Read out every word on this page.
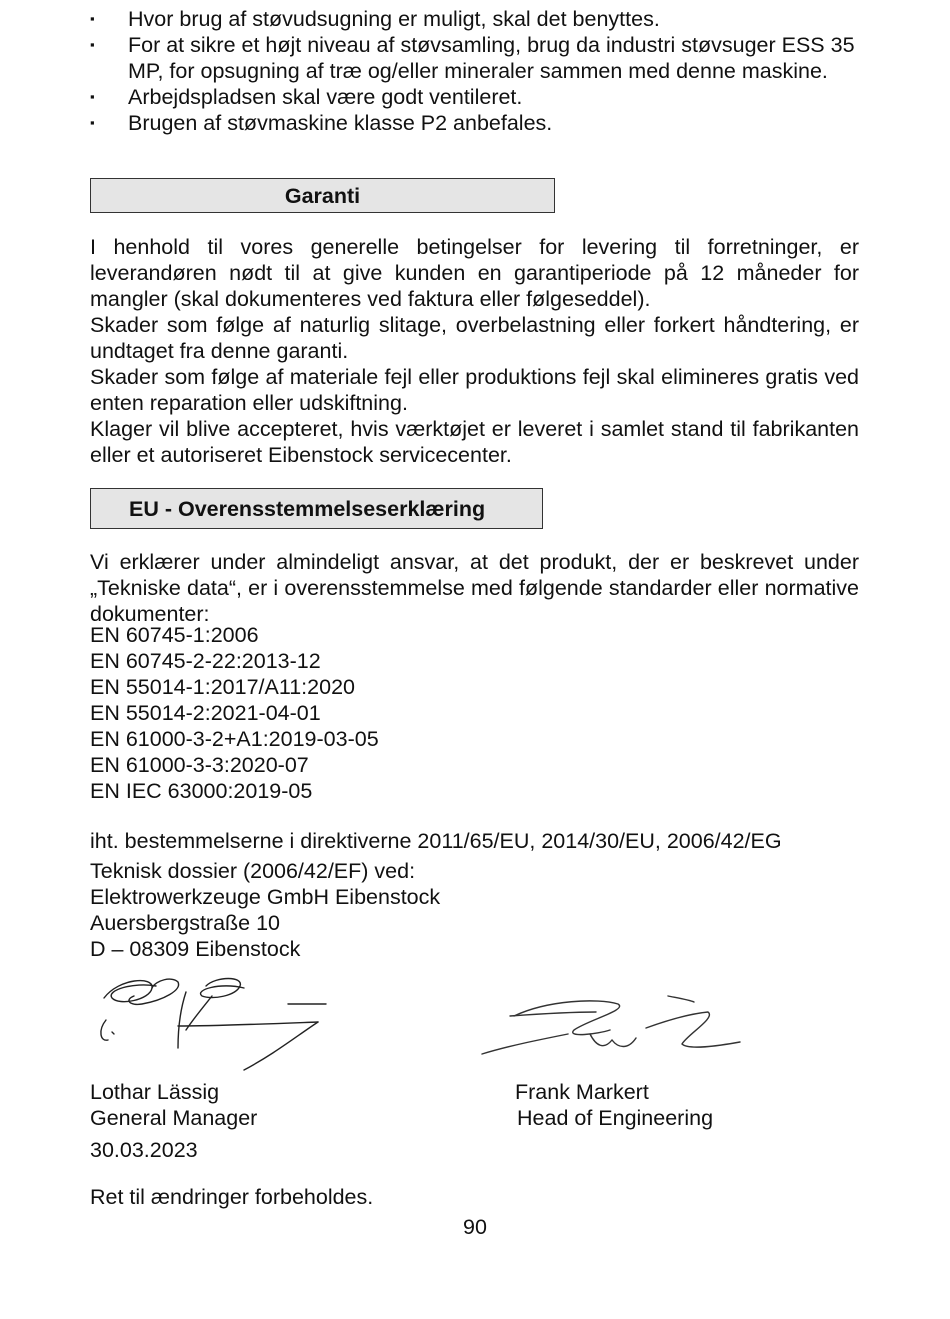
▪ Hvor brug af støvudsugning er muligt, skal det benyttes.
▪ For at sikre et højt niveau af støvsamling, brug da industri støvsuger ESS 35 MP, for opsugning af træ og/eller mineraler sammen med denne maskine.
▪ Arbejdspladsen skal være godt ventileret.
▪ Brugen af støvmaskine klasse P2 anbefales.
Garanti

I henhold til vores generelle betingelser for levering til forretninger, er leverandøren nødt til at give kunden en garantiperiode på 12 måneder for mangler (skal dokumenteres ved faktura eller følgeseddel).

Skader som følge af naturlig slitage, overbelastning eller forkert håndtering, er undtaget fra denne garanti.

Skader som følge af materiale fejl eller produktions fejl skal elimineres gratis ved enten reparation eller udskiftning.

Klager vil blive accepteret, hvis værktøjet er leveret i samlet stand til fabrikanten eller et autoriseret Eibenstock servicecenter.

EU - Overensstemmelseserklæring

Vi erklærer under almindeligt ansvar, at det produkt, der er beskrevet under „Tekniske data“, er i overensstemmelse med følgende standarder eller normative dokumenter:

EN 60745-1:2006
EN 60745-2-22:2013-12
EN 55014-1:2017/A11:2020
EN 55014-2:2021-04-01
EN 61000-3-2+A1:2019-03-05
EN 61000-3-3:2020-07
EN IEC 63000:2019-05

iht. bestemmelserne i direktiverne 2011/65/EU, 2014/30/EU, 2006/42/EG

Teknisk dossier (2006/42/EF) ved:
Elektrowerkzeuge GmbH Eibenstock
Auersbergstraße 10
D – 08309 Eibenstock
Lothar Lässig
General Manager
Frank Markert
Head of Engineering
30.03.2023
Ret til ændringer forbeholdes.
90
